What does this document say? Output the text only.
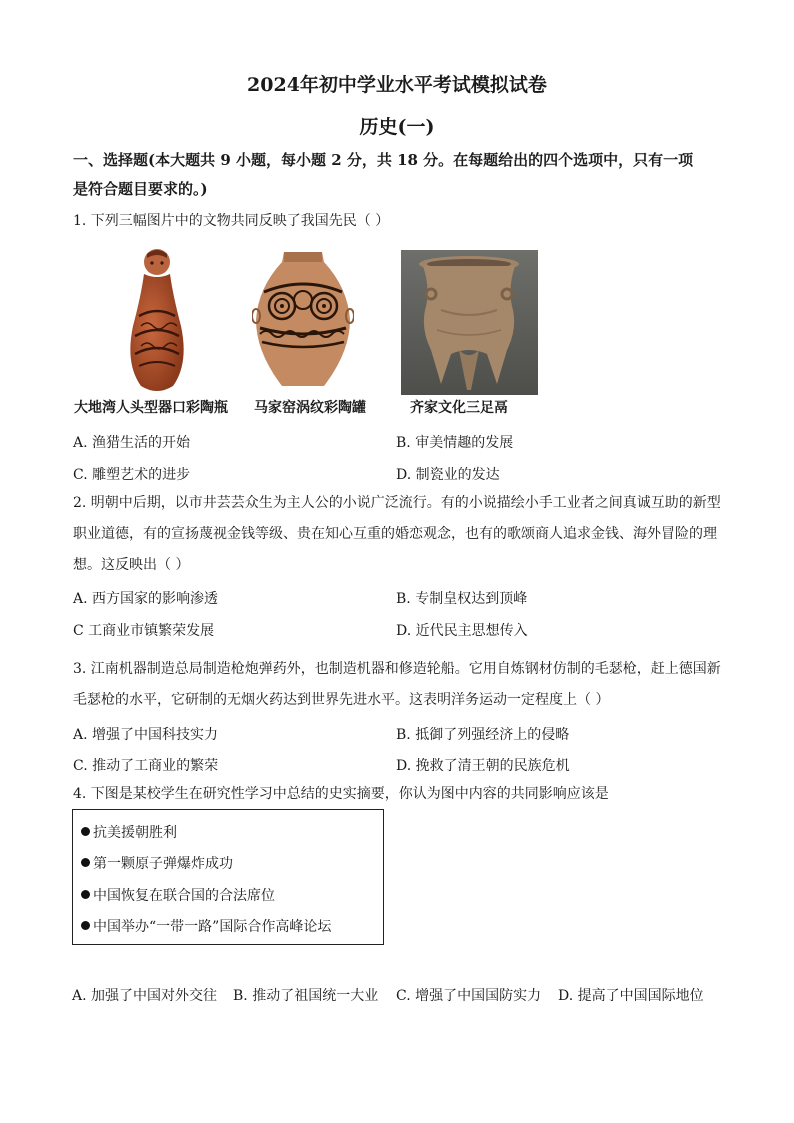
2024年初中学业水平考试模拟试卷
历史(一)
一、选择题(本大题共 9 小题，每小题 2 分，共 18 分。在每题给出的四个选项中，只有一项
是符合题目要求的。)
1. 下列三幅图片中的文物共同反映了我国先民（ ）
大地湾人头型器口彩陶瓶 马家窑涡纹彩陶罐	齐家文化三足鬲
A. 渔猎生活的开始	B. 审美情趣的发展
C. 雕塑艺术的进步	D. 制瓷业的发达
2. 明朝中后期，以市井芸芸众生为主人公的小说广泛流行。有的小说描绘小手工业者之间真诚互助的新型
职业道德，有的宣扬蔑视金钱等级、贵在知心互重的婚恋观念，也有的歌颂商人追求金钱、海外冒险的理
想。这反映出（ ）
A. 西方国家的影响渗透	B. 专制皇权达到顶峰
C 工商业市镇繁荣发展	D. 近代民主思想传入
3. 江南机器制造总局制造枪炮弹药外，也制造机器和修造轮船。它用自炼钢材仿制的毛瑟枪，赶上德国新
毛瑟枪的水平，它研制的无烟火药达到世界先进水平。这表明洋务运动一定程度上（ ）
A. 增强了中国科技实力	B. 抵御了列强经济上的侵略
C. 推动了工商业的繁荣	D. 挽救了清王朝的民族危机
4. 下图是某校学生在研究性学习中总结的史实摘要，你认为图中内容的共同影响应该是
抗美援朝胜利
第一颗原子弹爆炸成功
中国恢复在联合国的合法席位
中国举办“一带一路”国际合作高峰论坛
A. 加强了中国对外交往 B. 推动了祖国统一大业 C. 增强了中国国防实力 D. 提高了中国国际地位
